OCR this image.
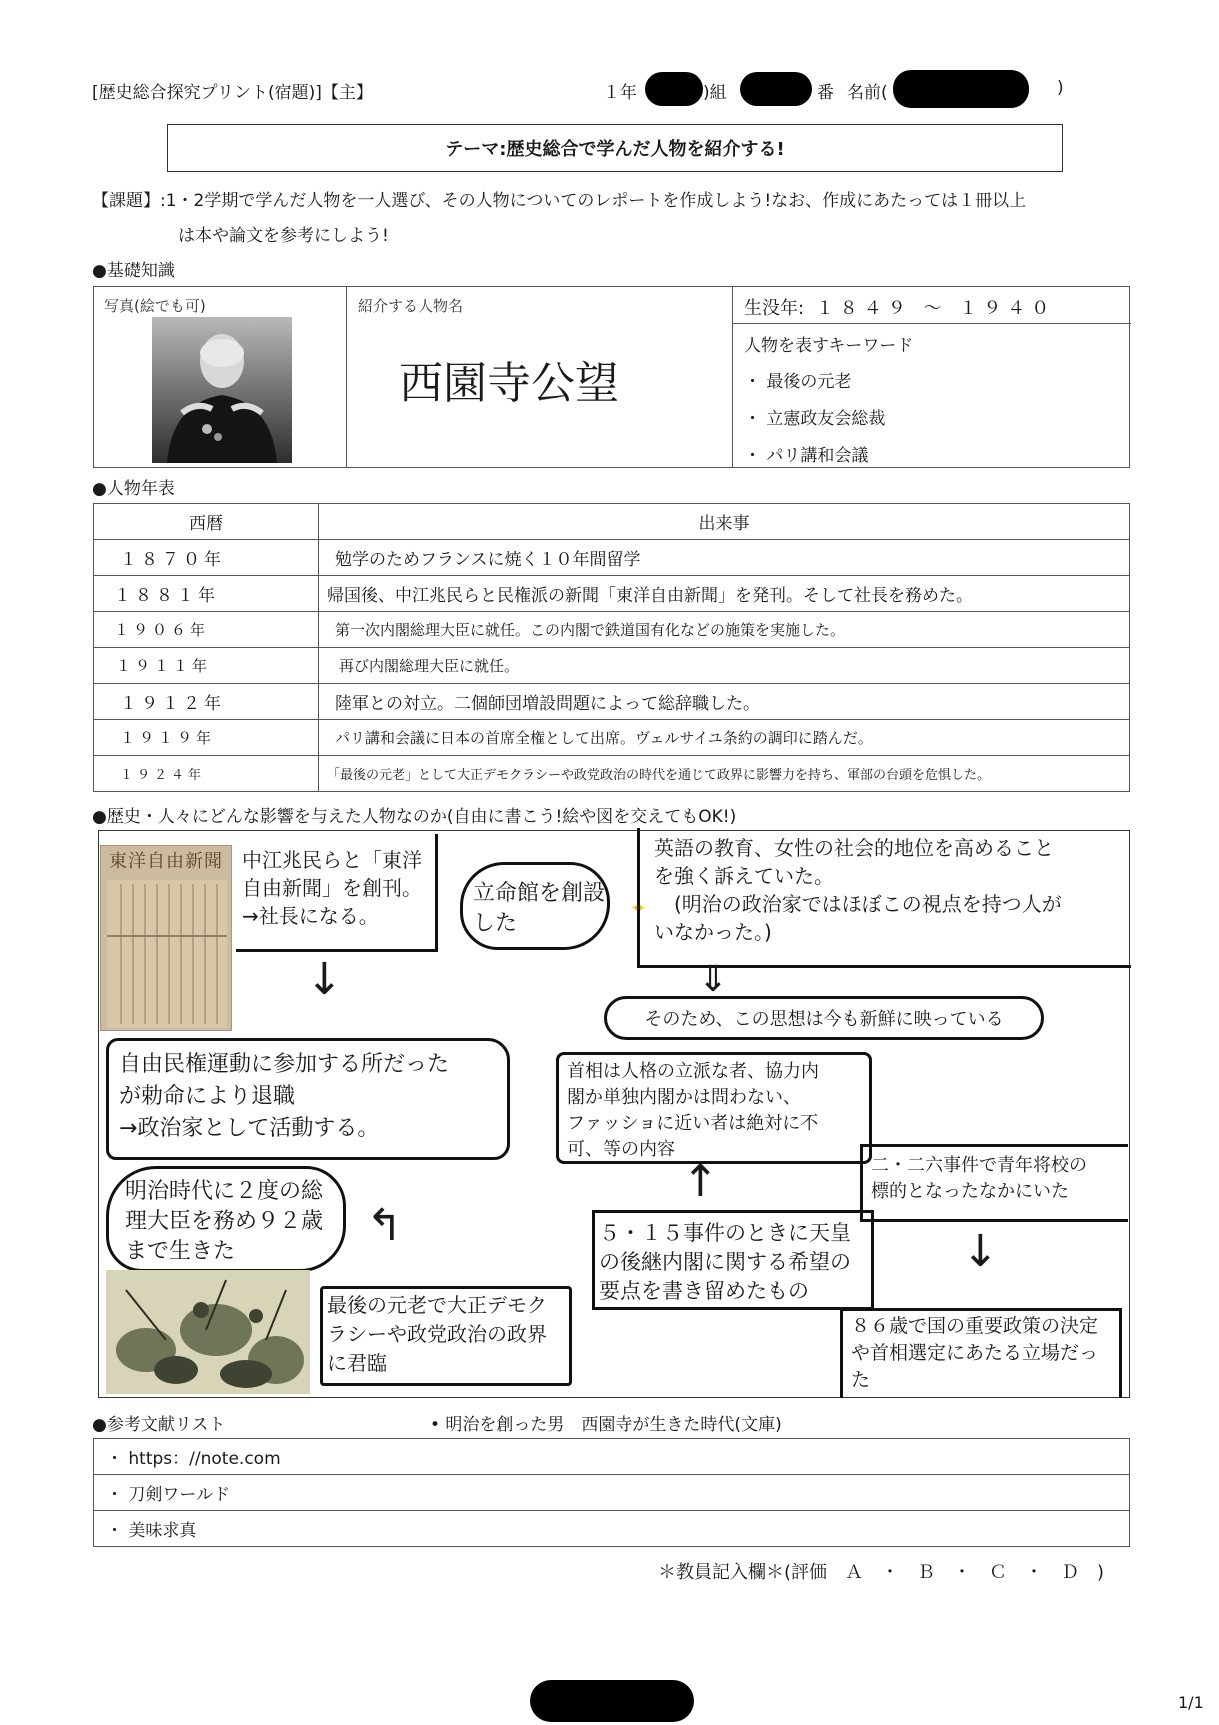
[歴史総合探究プリント(宿題)]【主】	１年	)組	番 名前(	)
テーマ:歴史総合で学んだ人物を紹介する!
【課題】:1・2学期で学んだ人物を一人選び、その人物についてのレポートを作成しよう!なお、作成にあたっては１冊以上
は本や論文を参考にしよう!
●基礎知識
写真(絵でも可)	紹介する人物名
西園寺公望
生没年: １８４９ 〜 １９４０
人物を表すキーワード
・ 最後の元老
・ 立憲政友会総裁
・ パリ講和会議
●人物年表
西暦	出来事
１８７０年	勉学のためフランスに焼く１０年間留学
１８８１年	帰国後、中江兆民らと民権派の新聞「東洋自由新聞」を発刊。そして社長を務めた。
１９０６年	第一次内閣総理大臣に就任。この内閣で鉄道国有化などの施策を実施した。
１９１１年	再び内閣総理大臣に就任。
１９１２年	陸軍との対立。二個師団増設問題によって総辞職した。
１９１９年	パリ講和会議に日本の首席全権として出席。ヴェルサイユ条約の調印に踏んだ。
１９２４年	「最後の元老」として大正デモクラシーや政党政治の時代を通じて政界に影響力を持ち、軍部の台頭を危惧した。
●歴史・人々にどんな影響を与えた人物なのか(自由に書こう!絵や図を交えてもOK!)
東洋自由新聞 中江兆民らと「東洋
自由新聞」を創刊。
→社長になる。
立命館を創設
した
✦
英語の教育、女性の社会的地位を高めること
を強く訴えていた。
(明治の政治家ではほぼこの視点を持つ人が
いなかった。)
↓	⇓
そのため、この思想は今も新鮮に映っている
自由民権運動に参加する所だった
が勅命により退職
→政治家として活動する。
首相は人格の立派な者、協力内
閣か単独内閣かは問わない、
ファッショに近い者は絶対に不
可、等の内容
二・二六事件で青年将校の
標的となったなかにいた
明治時代に２度の総
理大臣を務め９２歳
まで生きた
↰
↑
↓
５・１５事件のときに天皇
の後継内閣に関する希望の
要点を書き留めたもの
最後の元老で大正デモク
ラシーや政党政治の政界
に君臨
８６歳で国の重要政策の決定
や首相選定にあたる立場だっ
た
●参考文献リスト	• 明治を創った男　西園寺が生きた時代(文庫)
・ https：//note.com
・ 刀剣ワールド
・ 美味求真
＊教員記入欄＊(評価　Ａ　・　Ｂ　・　Ｃ　・　Ｄ　)
1/1
